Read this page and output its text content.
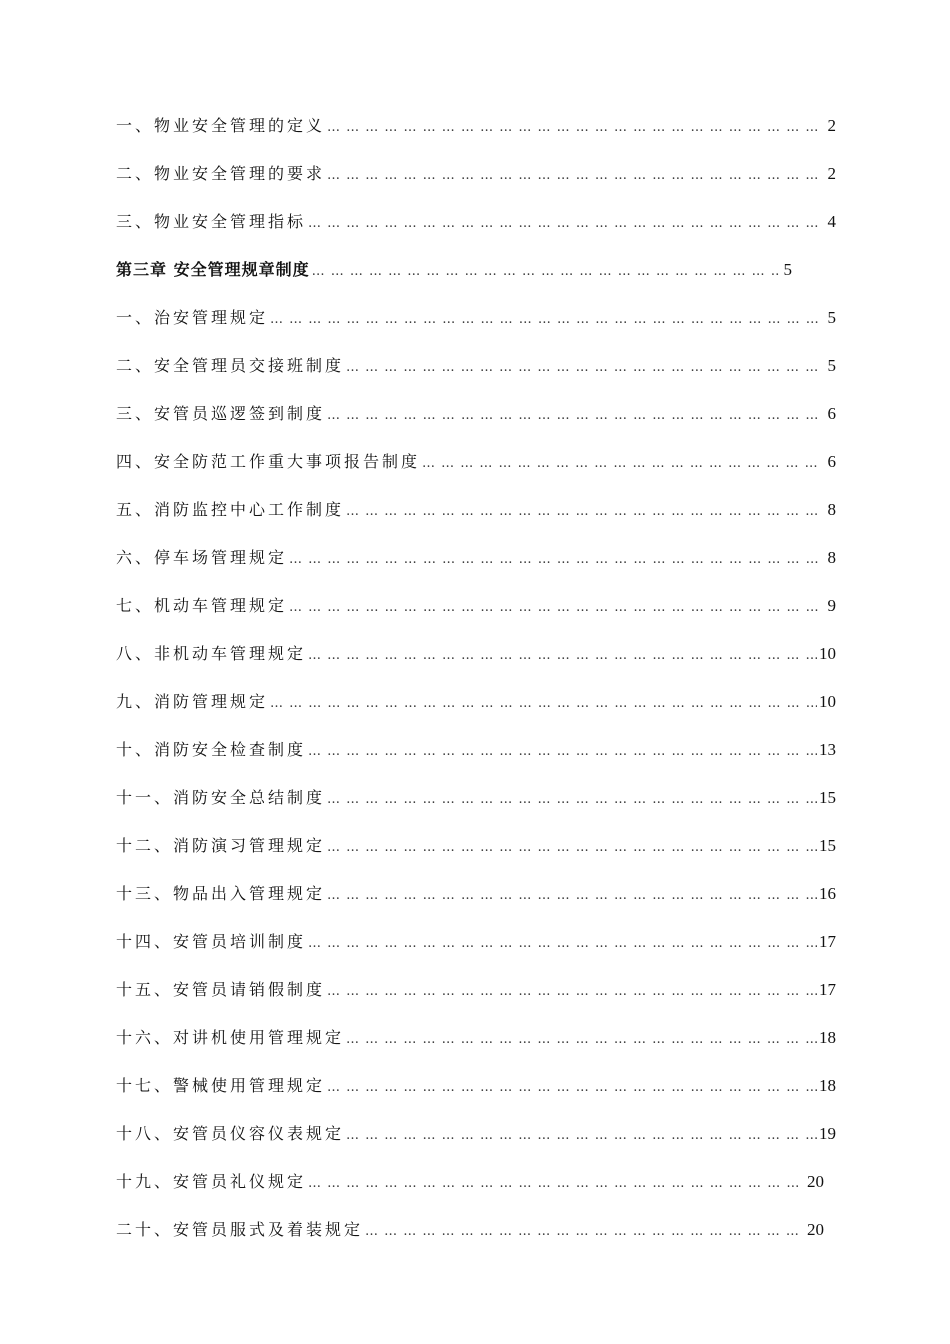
一、物业安全管理的定义 … … … … … … … … … … … … … … … … … … … … … … … … … … … … … … … … … … … … … … … … … … … … … … … … …	2
二、物业安全管理的要求 … … … … … … … … … … … … … … … … … … … … … … … … … … … … … … … … … … … … … … … … … … … … … … … … …	2
三、物业安全管理指标 … … … … … … … … … … … … … … … … … … … … … … … … … … … … … … … … … … … … … … … … … … … … … … … … …	4
第三章 安全管理规章制度 … … … … … … … … … … … … … … … … … … … … … … … … … … … … … … … … … … … … … … … … … … … … … … … … …	5
一、治安管理规定 … … … … … … … … … … … … … … … … … … … … … … … … … … … … … … … … … … … … … … … … … … … … … … … … …	5
二、安全管理员交接班制度 … … … … … … … … … … … … … … … … … … … … … … … … … … … … … … … … … … … … … … … … … … … … … … … … …	5
三、安管员巡逻签到制度 … … … … … … … … … … … … … … … … … … … … … … … … … … … … … … … … … … … … … … … … … … … … … … … … …	6
四、安全防范工作重大事项报告制度 … … … … … … … … … … … … … … … … … … … … … … … … … … … … … … … … … … … … … … … … … … … … … … … … …	6
五、消防监控中心工作制度 … … … … … … … … … … … … … … … … … … … … … … … … … … … … … … … … … … … … … … … … … … … … … … … … …	8
六、停车场管理规定 … … … … … … … … … … … … … … … … … … … … … … … … … … … … … … … … … … … … … … … … … … … … … … … … …	8
七、机动车管理规定 … … … … … … … … … … … … … … … … … … … … … … … … … … … … … … … … … … … … … … … … … … … … … … … … …	9
八、非机动车管理规定 … … … … … … … … … … … … … … … … … … … … … … … … … … … … … … … … … … … … … … … … … … … … … … … … …	10
九、消防管理规定 … … … … … … … … … … … … … … … … … … … … … … … … … … … … … … … … … … … … … … … … … … … … … … … … …	10
十、消防安全检查制度 … … … … … … … … … … … … … … … … … … … … … … … … … … … … … … … … … … … … … … … … … … … … … … … … …	13
十一、消防安全总结制度 … … … … … … … … … … … … … … … … … … … … … … … … … … … … … … … … … … … … … … … … … … … … … … … … …	15
十二、消防演习管理规定 … … … … … … … … … … … … … … … … … … … … … … … … … … … … … … … … … … … … … … … … … … … … … … … … …	15
十三、物品出入管理规定 … … … … … … … … … … … … … … … … … … … … … … … … … … … … … … … … … … … … … … … … … … … … … … … … …	16
十四、安管员培训制度 … … … … … … … … … … … … … … … … … … … … … … … … … … … … … … … … … … … … … … … … … … … … … … … … …	17
十五、安管员请销假制度 … … … … … … … … … … … … … … … … … … … … … … … … … … … … … … … … … … … … … … … … … … … … … … … … …	17
十六、对讲机使用管理规定 … … … … … … … … … … … … … … … … … … … … … … … … … … … … … … … … … … … … … … … … … … … … … … … … …	18
十七、警械使用管理规定 … … … … … … … … … … … … … … … … … … … … … … … … … … … … … … … … … … … … … … … … … … … … … … … … …	18
十八、安管员仪容仪表规定 … … … … … … … … … … … … … … … … … … … … … … … … … … … … … … … … … … … … … … … … … … … … … … … … …	19
十九、安管员礼仪规定 … … … … … … … … … … … … … … … … … … … … … … … … … … … … … … … … … … … … … … … … … … … … … … … … …	20
二十、安管员服式及着装规定 … … … … … … … … … … … … … … … … … … … … … … … … … … … … … … … … … … … … … … … … … … … … … … … … …	20
